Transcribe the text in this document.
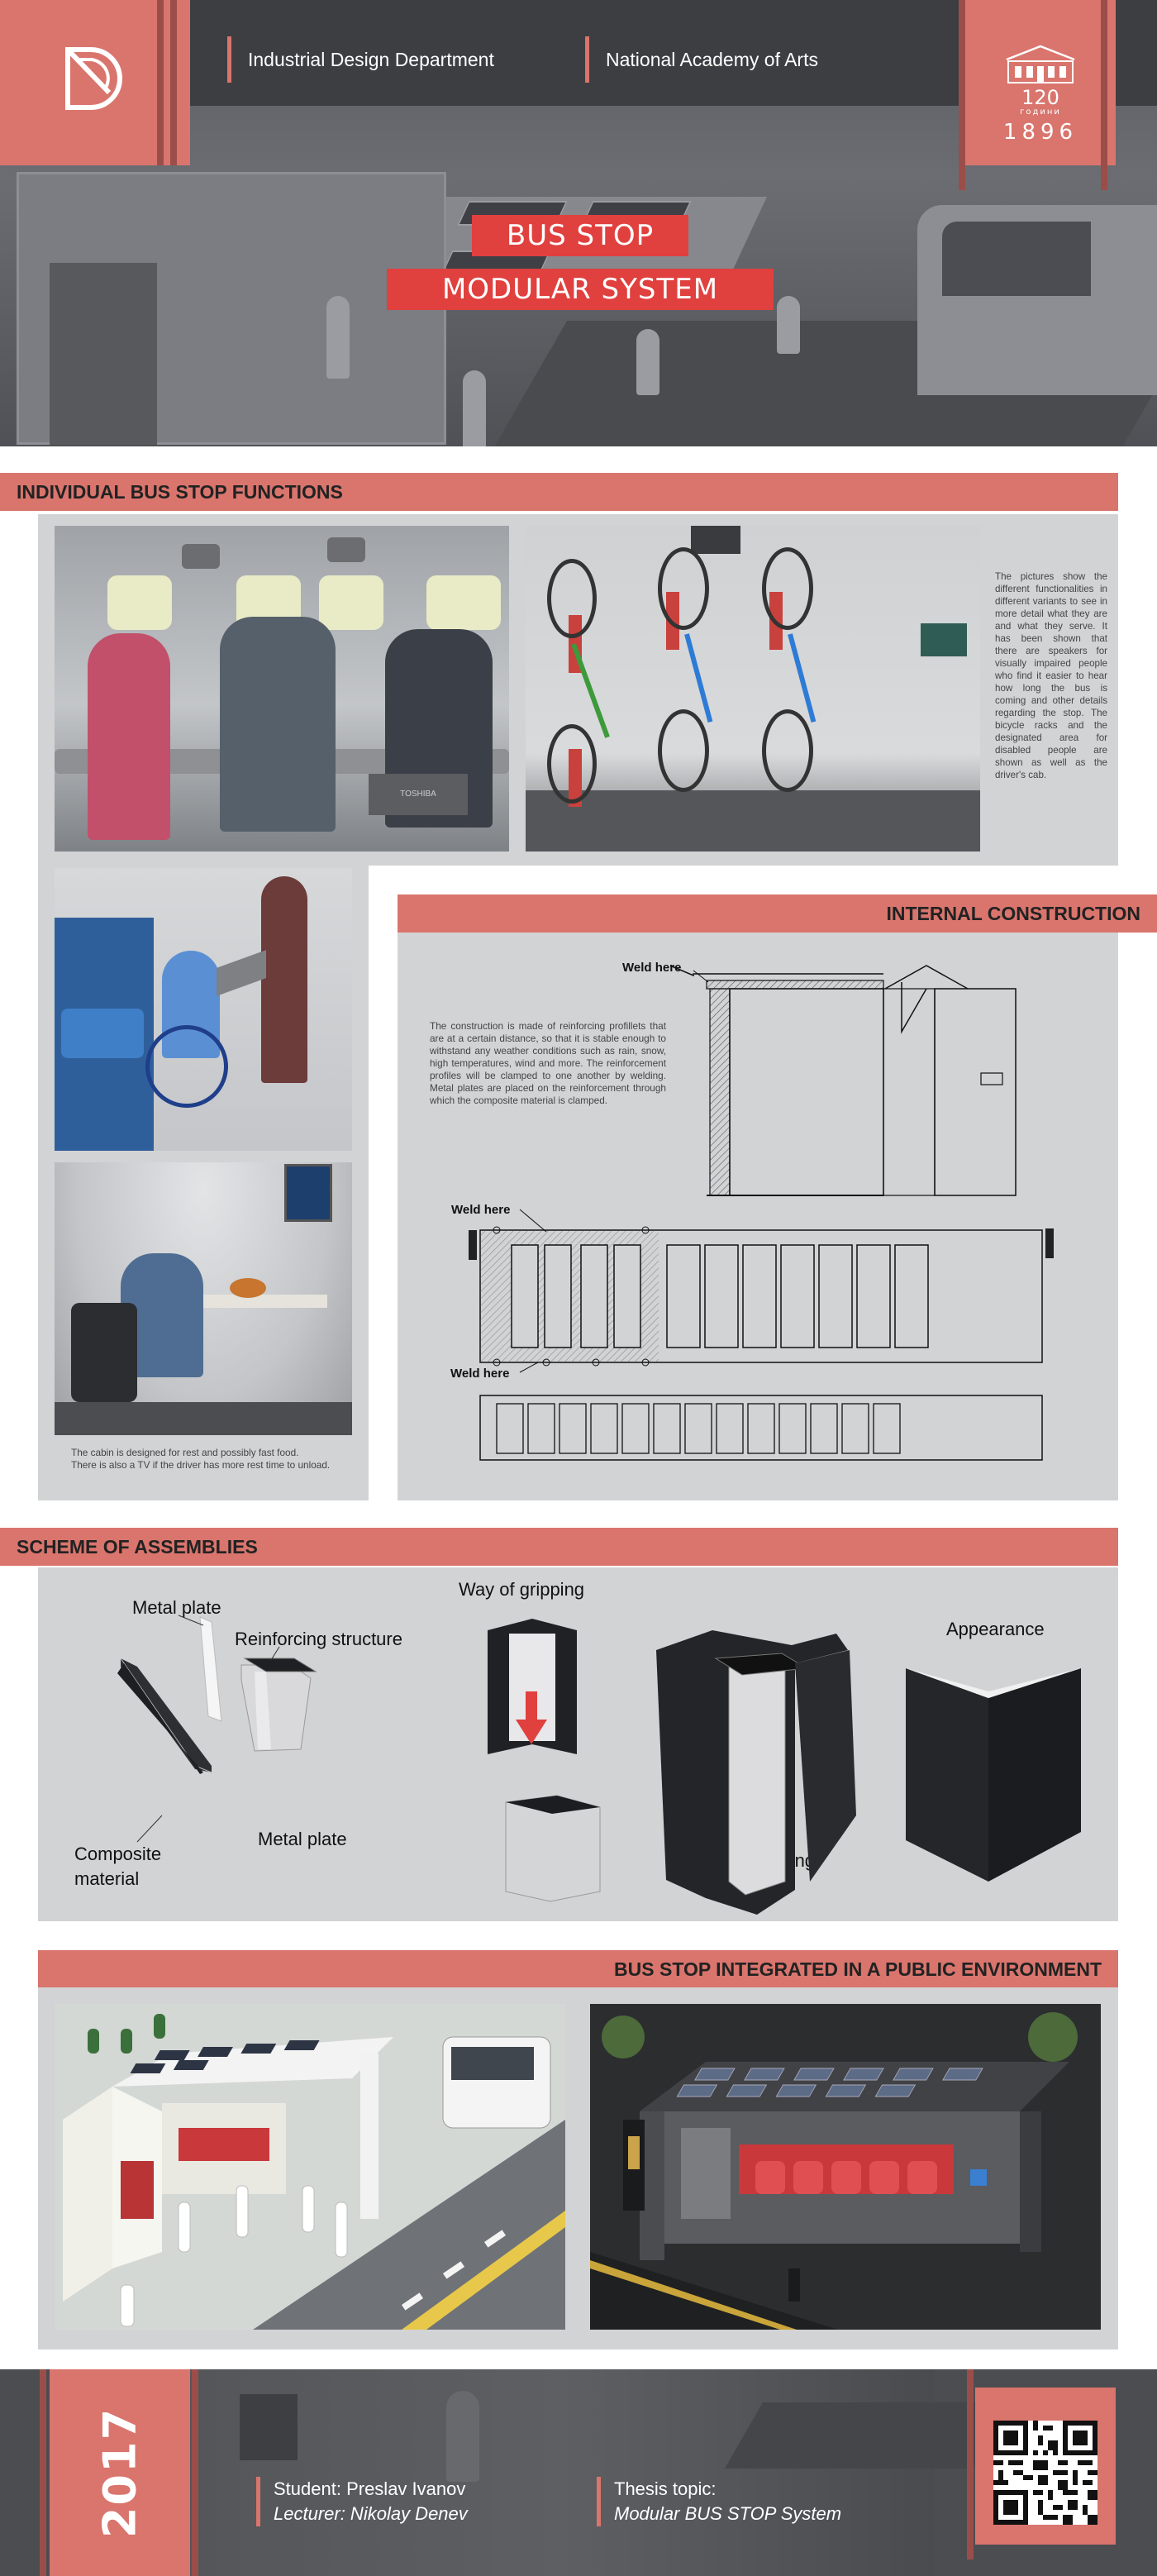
Industrial Design Department	National Academy of Arts
120
години
1896
BUS STOP
MODULAR SYSTEM
INDIVIDUAL BUS STOP FUNCTIONS
TOSHIBA
The pictures show the different functionalities in different variants to see in more detail what they are and what they serve. It has been shown that there are speakers for visually impaired people who find it easier to hear how long the bus is coming and other details regarding the stop. The bicycle racks and the designated area for disabled people are shown as well as the driver's cab.
The cabin is designed for rest and possibly fast food.
There is also a TV if the driver has more rest time to unload.
INTERNAL CONSTRUCTION
The construction is made of reinforcing profillets that are at a certain distance, so that it is stable enough to withstand any weather conditions such as rain, snow, high temperatures, wind and more. The reinforcement profiles will be clamped to one another by welding. Metal plates are placed on the reinforcement through which the composite material is clamped.
Weld here
Weld here
Weld here
SCHEME OF ASSEMBLIES
Metal plate
Reinforcing structure
Composite
material
Metal plate
Way of gripping
Appearance
BUS STOP INTEGRATED IN A PUBLIC ENVIRONMENT
2017	Student: Preslav Ivanov
Lecturer: Nikolay Denev
Thesis topic:
Modular BUS STOP System
